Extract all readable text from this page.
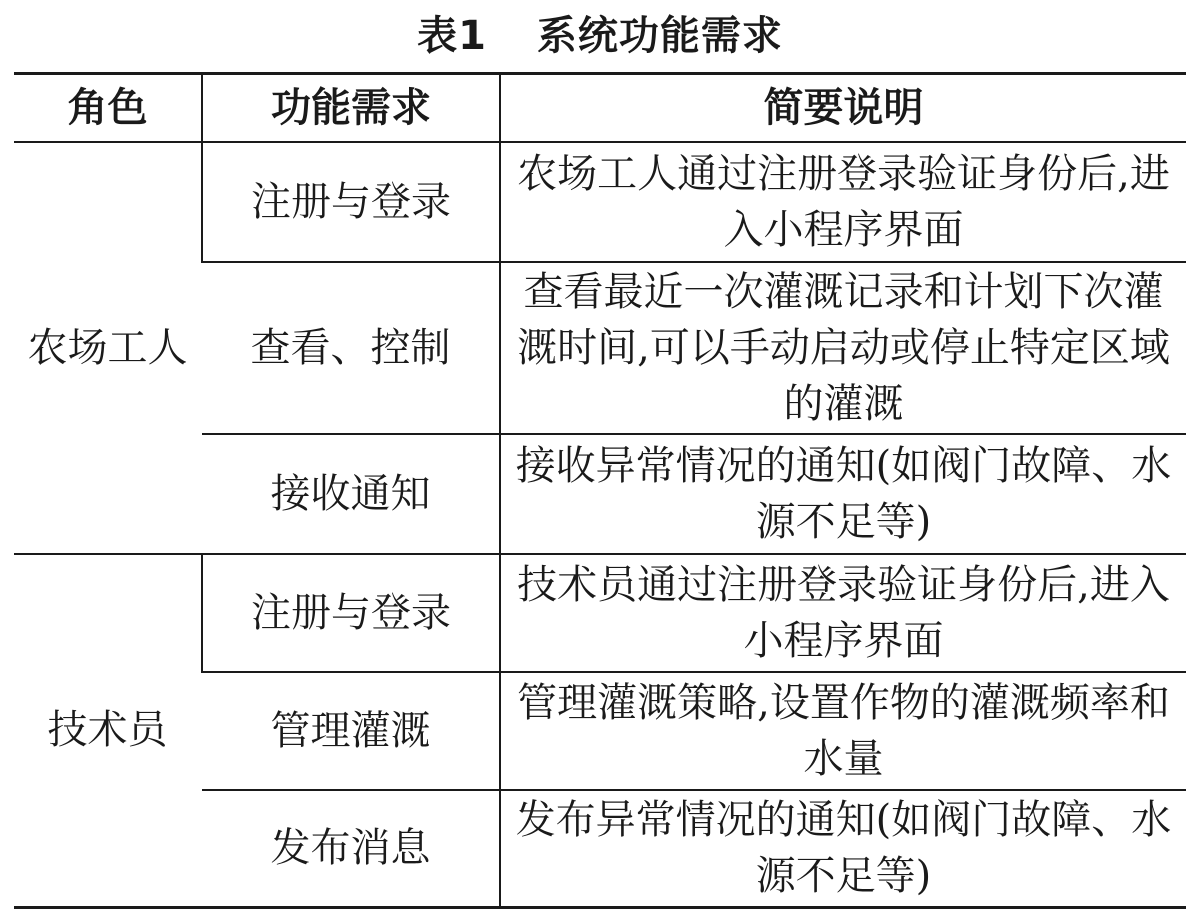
表1 系统功能需求
角色	功能需求	简要说明
农场工人	注册与登录	农场工人通过注册登录验证身份后,进入小程序界面

	查看、控制	查看最近一次灌溉记录和计划下次灌溉时间,可以手动启动或停止特定区域的灌溉

	接收通知	接收异常情况的通知(如阀门故障、水源不足等)

技术员	注册与登录	技术员通过注册登录验证身份后,进入小程序界面

	管理灌溉	管理灌溉策略,设置作物的灌溉频率和水量

	发布消息	发布异常情况的通知(如阀门故障、水源不足等)
